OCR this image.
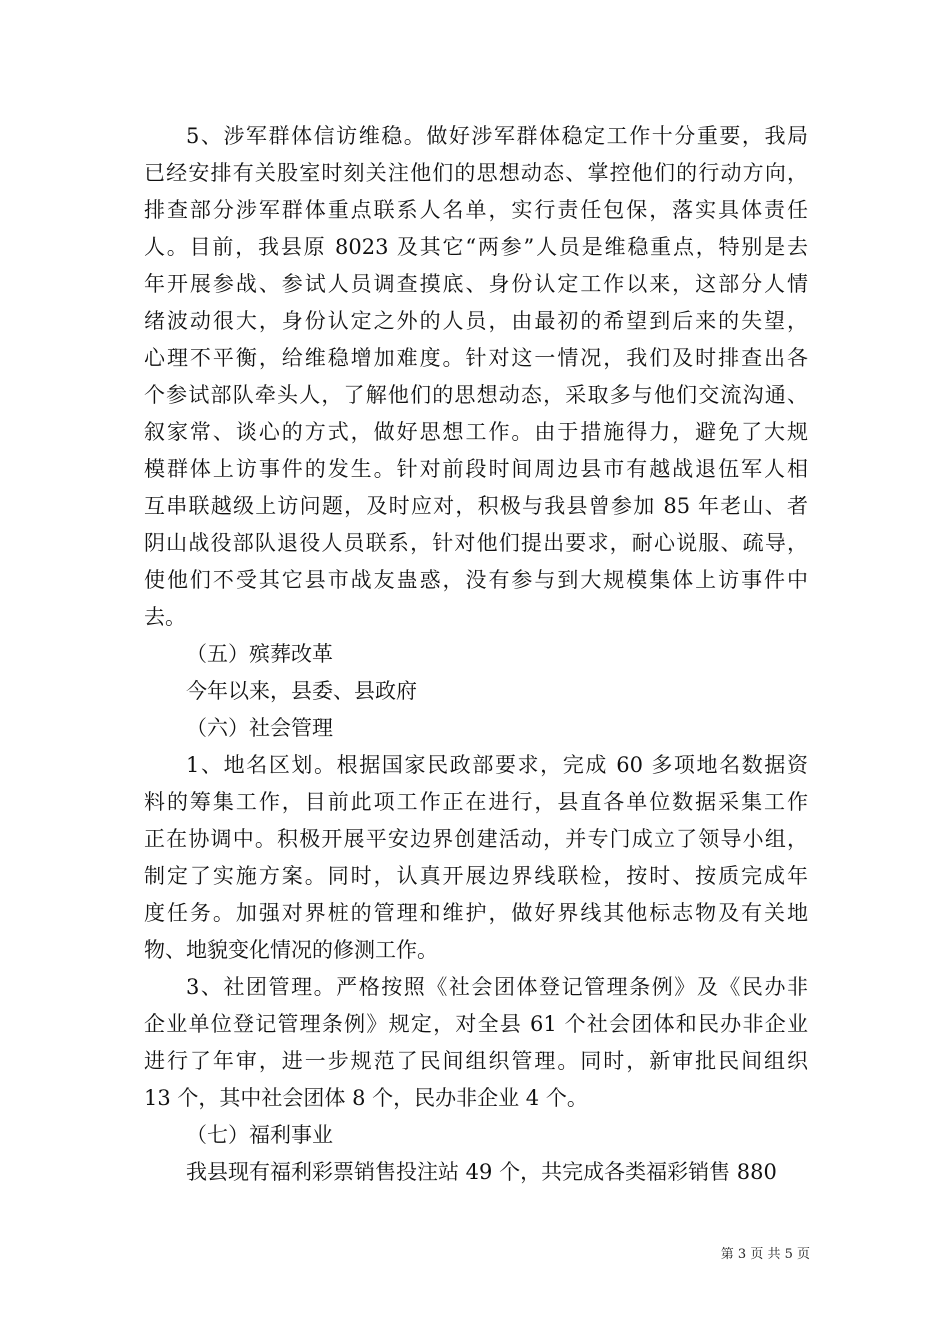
5、涉军群体信访维稳。做好涉军群体稳定工作十分重要，我局
已经安排有关股室时刻关注他们的思想动态、掌控他们的行动方向，
排查部分涉军群体重点联系人名单，实行责任包保，落实具体责任
人。目前，我县原 8023 及其它“两参”人员是维稳重点，特别是去
年开展参战、参试人员调查摸底、身份认定工作以来，这部分人情
绪波动很大，身份认定之外的人员，由最初的希望到后来的失望，
心理不平衡，给维稳增加难度。针对这一情况，我们及时排查出各
个参试部队牵头人，了解他们的思想动态，采取多与他们交流沟通、
叙家常、谈心的方式，做好思想工作。由于措施得力，避免了大规
模群体上访事件的发生。针对前段时间周边县市有越战退伍军人相
互串联越级上访问题，及时应对，积极与我县曾参加 85 年老山、者
阴山战役部队退役人员联系，针对他们提出要求，耐心说服、疏导，
使他们不受其它县市战友蛊惑，没有参与到大规模集体上访事件中
去。
（五）殡葬改革
今年以来，县委、县政府
（六）社会管理
1、地名区划。根据国家民政部要求，完成 60 多项地名数据资
料的筹集工作，目前此项工作正在进行，县直各单位数据采集工作
正在协调中。积极开展平安边界创建活动，并专门成立了领导小组，
制定了实施方案。同时，认真开展边界线联检，按时、按质完成年
度任务。加强对界桩的管理和维护，做好界线其他标志物及有关地
物、地貌变化情况的修测工作。
3、社团管理。严格按照《社会团体登记管理条例》及《民办非
企业单位登记管理条例》规定，对全县 61 个社会团体和民办非企业
进行了年审，进一步规范了民间组织管理。同时，新审批民间组织
13 个，其中社会团体 8 个，民办非企业 4 个。
（七）福利事业
我县现有福利彩票销售投注站 49 个，共完成各类福彩销售 880
第 3 页 共 5 页
